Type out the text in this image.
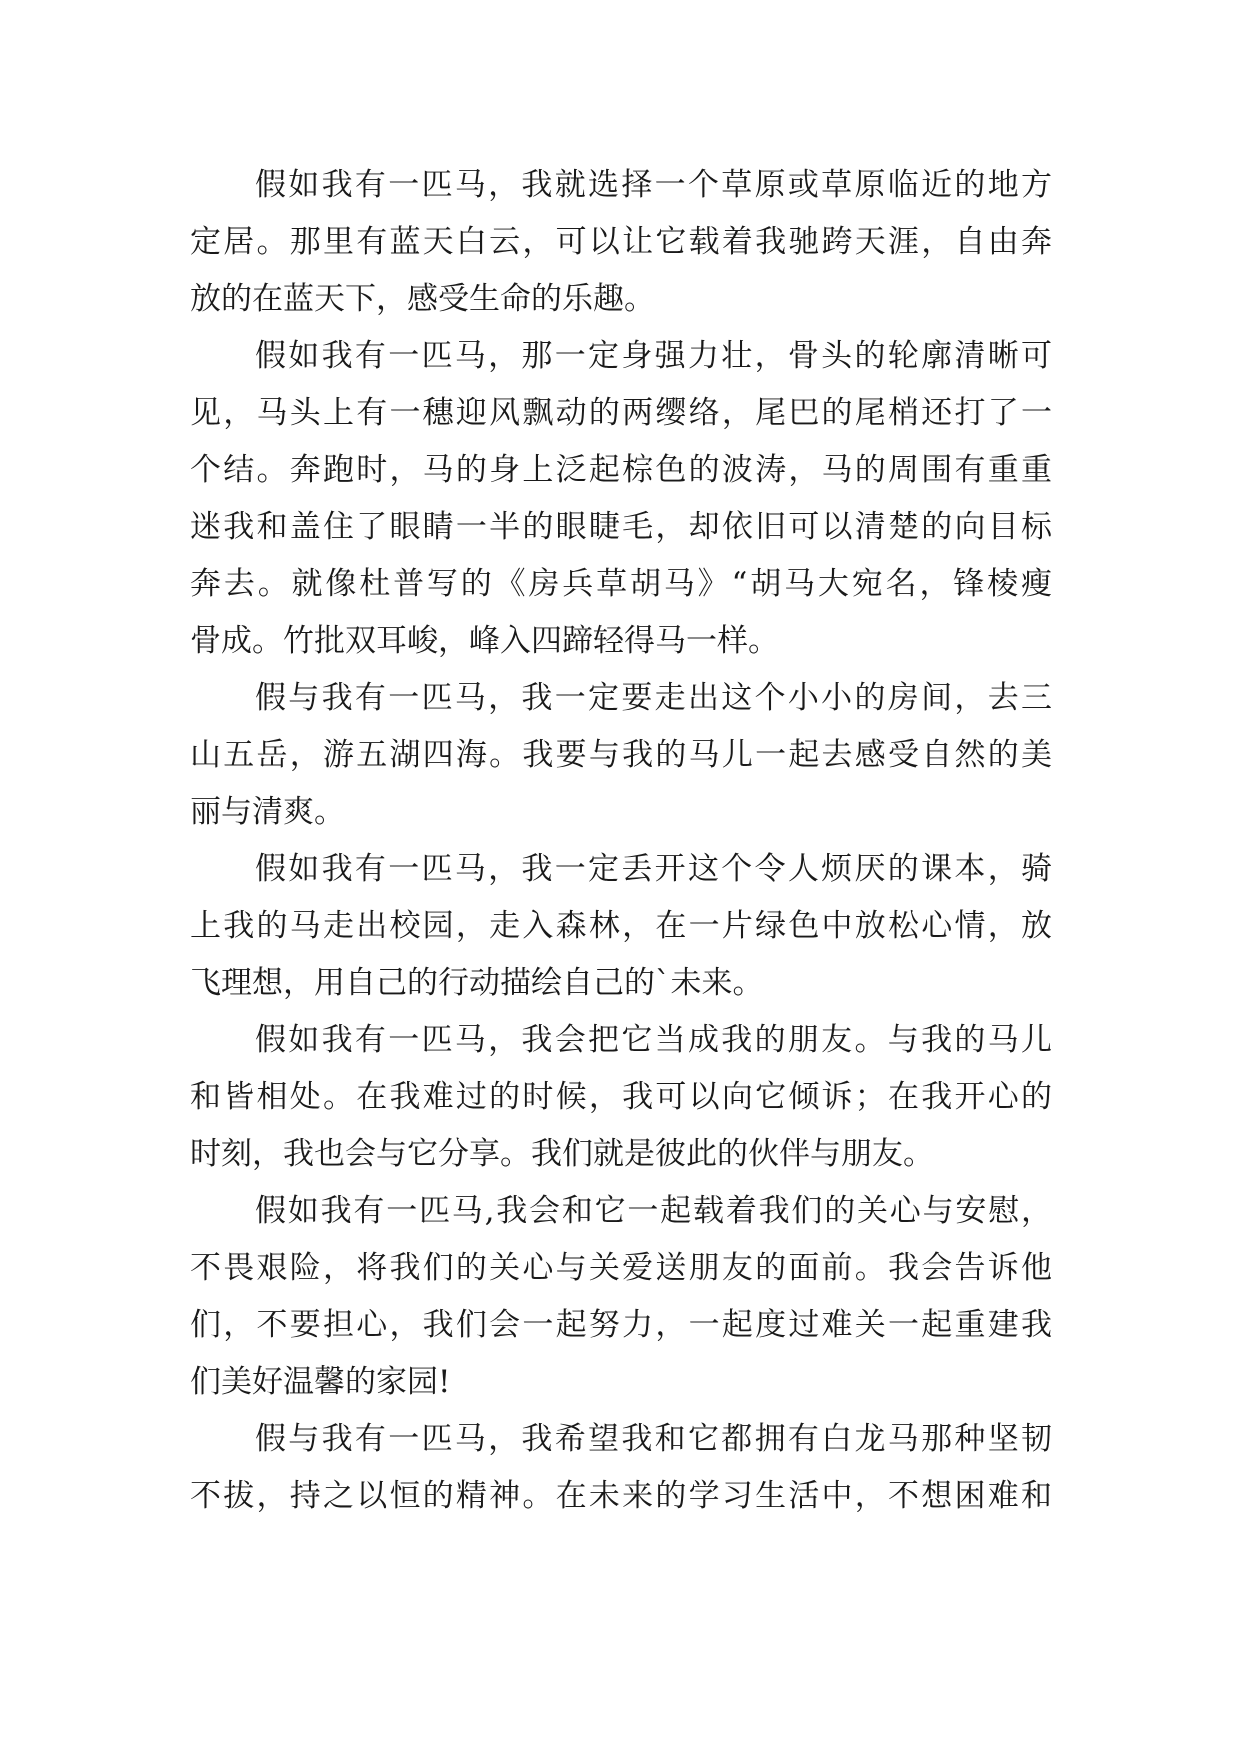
假如我有一匹马，我就选择一个草原或草原临近的地方
定居。那里有蓝天白云，可以让它载着我驰跨天涯，自由奔
放的在蓝天下，感受生命的乐趣。
假如我有一匹马，那一定身强力壮，骨头的轮廓清晰可
见，马头上有一穗迎风飘动的两缨络，尾巴的尾梢还打了一
个结。奔跑时，马的身上泛起棕色的波涛，马的周围有重重
迷我和盖住了眼睛一半的眼睫毛，却依旧可以清楚的向目标
奔去。就像杜普写的《房兵草胡马》“胡马大宛名，锋棱瘦
骨成。竹批双耳峻，峰入四蹄轻得马一样。
假与我有一匹马，我一定要走出这个小小的房间，去三
山五岳，游五湖四海。我要与我的马儿一起去感受自然的美
丽与清爽。
假如我有一匹马，我一定丢开这个令人烦厌的课本，骑
上我的马走出校园，走入森林，在一片绿色中放松心情，放
飞理想，用自己的行动描绘自己的`未来。
假如我有一匹马，我会把它当成我的朋友。与我的马儿
和皆相处。在我难过的时候，我可以向它倾诉；在我开心的
时刻，我也会与它分享。我们就是彼此的伙伴与朋友。
假如我有一匹马,我会和它一起载着我们的关心与安慰，
不畏艰险，将我们的关心与关爱送朋友的面前。我会告诉他
们，不要担心，我们会一起努力，一起度过难关一起重建我
们美好温馨的家园!
假与我有一匹马，我希望我和它都拥有白龙马那种坚韧
不拔，持之以恒的精神。在未来的学习生活中，不想困难和
